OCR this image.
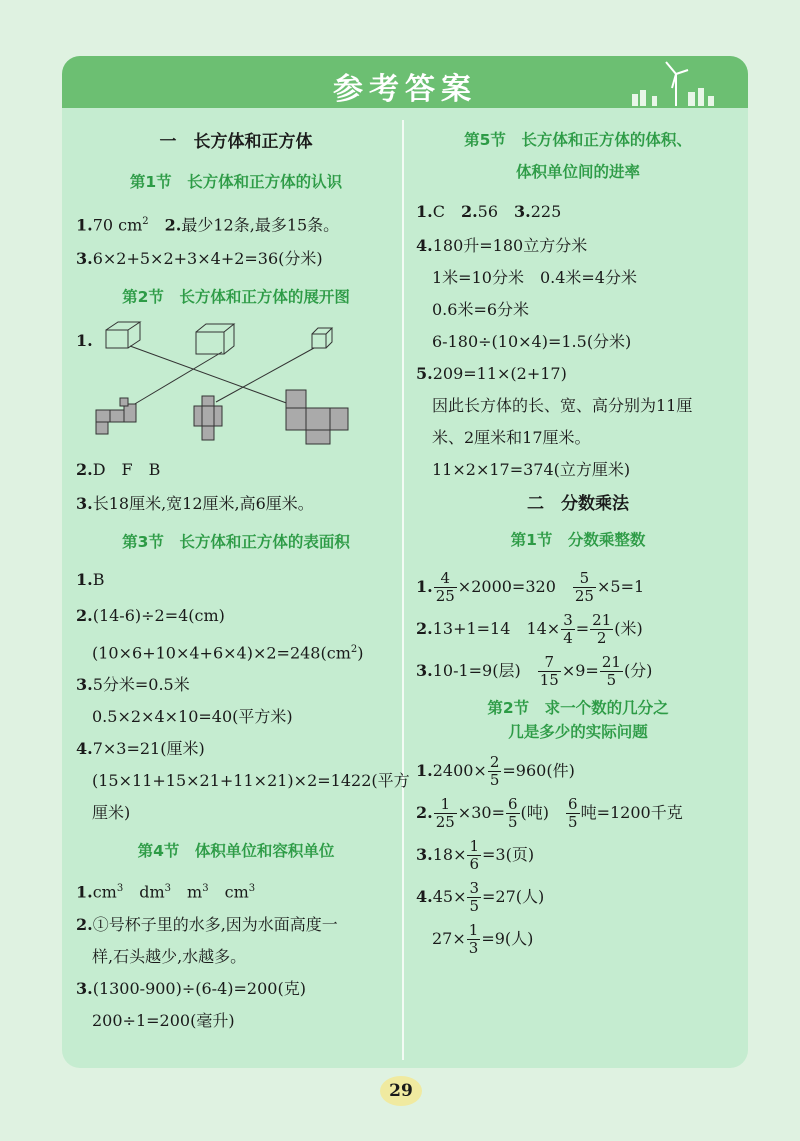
参考答案
一　长方体和正方体
第1节　长方体和正方体的认识
1.70 $cm^2$　 2.最少12条,最多15条。
3.6×2+5×2+3×4+2=36(分米)
第2节　长方体和正方体的展开图
1.
2.D　F　B
3.长18厘米,宽12厘米,高6厘米。
第3节　长方体和正方体的表面积
1.B
2.(14-6)÷2=4(cm)
$(10\times 6+10\times 4+6\times 4)\times 2=248(cm^2)$
3.5分米=0.5米
0.5×2×4×10=40(平方米)
4.7×3=21(厘米)
(15×11+15×21+11×21)×2=1422(平方
厘米)
第4节　体积单位和容积单位
$1.cm^3$　 $dm^3$　 $m^3$　 $cm^3$
2.①号杯子里的水多,因为水面高度一
样,石头越少,水越多。
3.(1300-900)÷(6-4)=200(克)
200÷1=200(毫升)
第5节　长方体和正方体的体积、
体积单位间的进率
1.C　 2.56　 3.225
4.180升=180立方分米
1米=10分米　0.4米=4分米
0.6米=6分米
6-180÷(10×4)=1.5(分米)
5.209=11×(2+17)
因此长方体的长、宽、高分别为11厘
米、2厘米和17厘米。
11×2×17=374(立方厘米)
二　分数乘法
第1节　分数乘整数
1. $\frac{4}{25} \times 2000=320$　 $\frac{5}{25} \times 5=1$
2.13+1=14　 $14\times \frac{3}{4} = \frac{21}{2}$ (米)
3.10-1=9(层)　 $\frac{7}{15} \times 9= \frac{21}{5}$ (分)
第2节　求一个数的几分之
几是多少的实际问题
$1.2400\times \frac{2}{5} =960$(件)
2. $\frac{1}{25} \times 30= \frac{6}{5}$ (吨)　 $\frac{6}{5}$ 吨=1200千克
$3.18\times \frac{1}{6} =3$(页)
$4.45\times \frac{3}{5} =27$(人)
$27\times \frac{1}{3} =9$(人)
29
